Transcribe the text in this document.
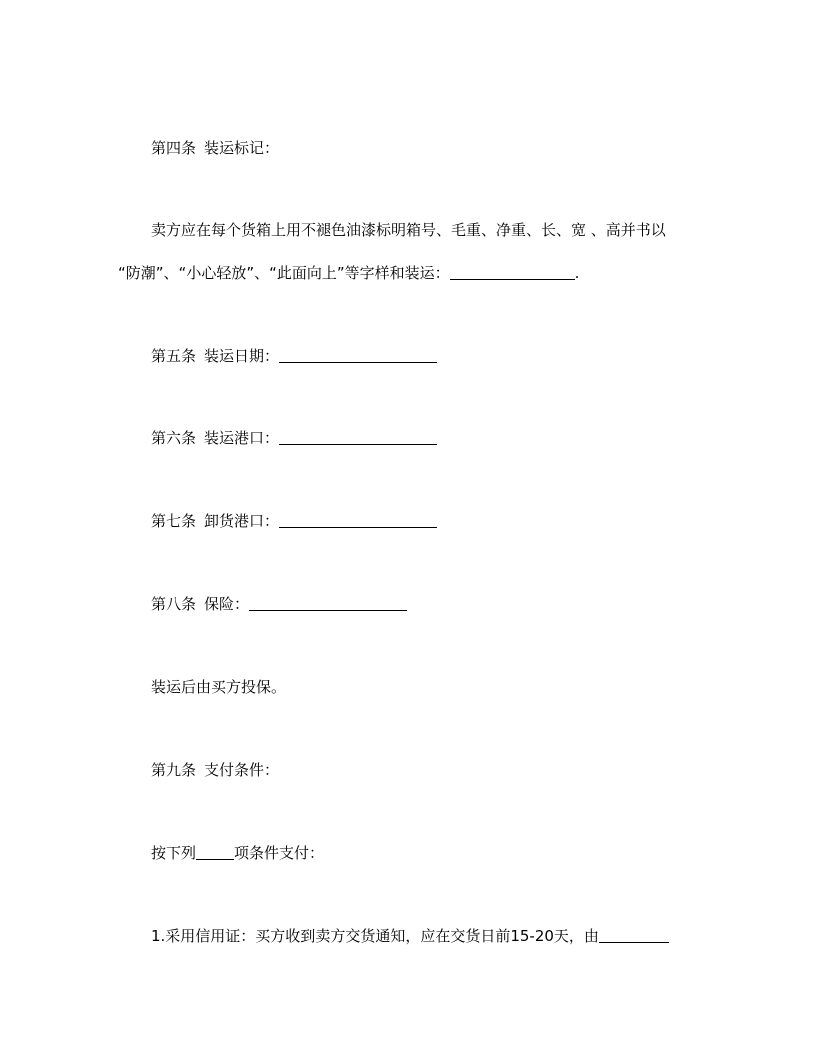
第四条 装运标记：
卖方应在每个货箱上用不褪色油漆标明箱号、毛重、净重、长、宽 、高并书以
“防潮”、“小心轻放”、“此面向上”等字样和装运：	.
第五条 装运日期：
第六条 装运港口：
第七条 卸货港口：
第八条 保险：
装运后由买方投保。
第九条 支付条件：
按下列	项条件支付：
1.采用信用证：买方收到卖方交货通知，应在交货日前15-20天，由
